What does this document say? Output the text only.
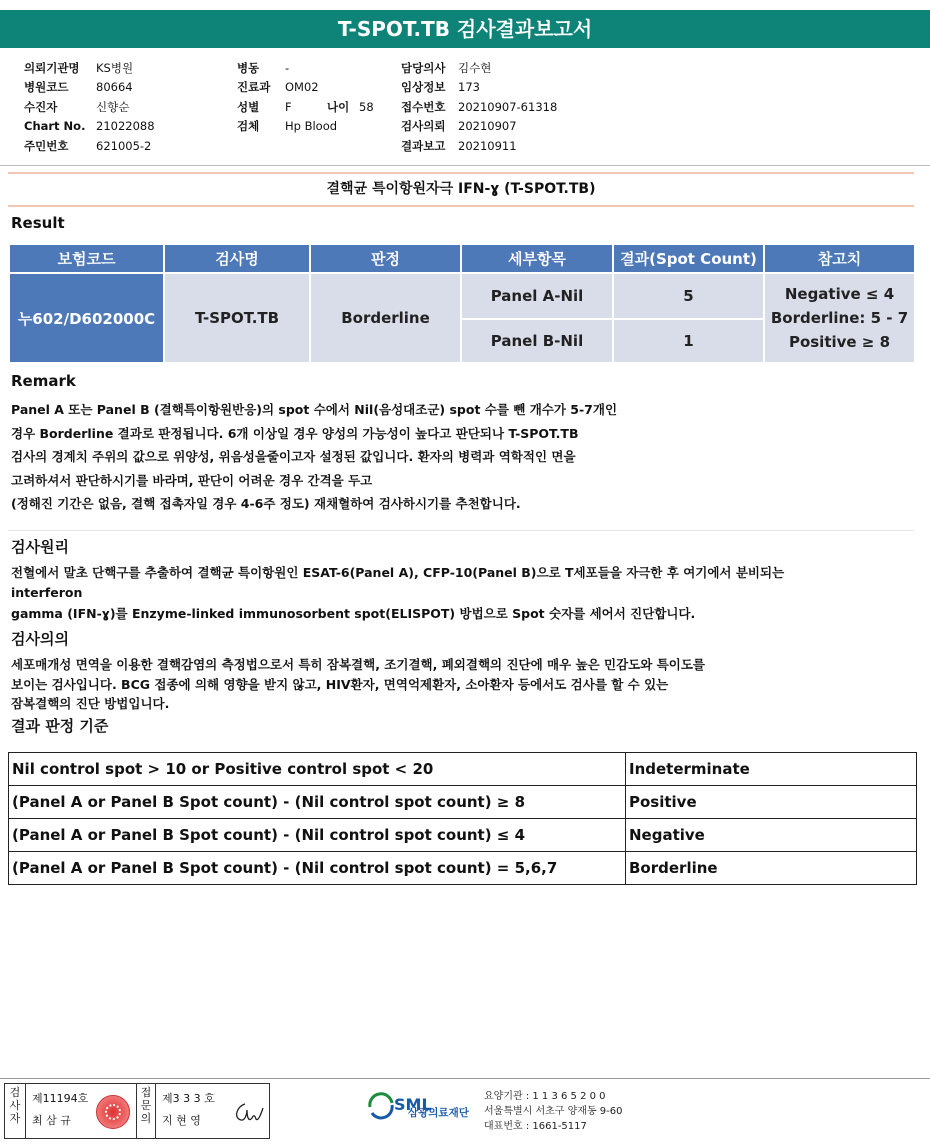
T-SPOT.TB 검사결과보고서
의뢰기관명	KS병원
병원코드	80664
수진자	신향순
Chart No. 21022088
주민번호	621005-2
병동	-
진료과	OM02
성별	F	나이 58
검체	Hp Blood
담당의사	김수현
임상정보	173
접수번호	20210907-61318
검사의뢰	20210907
결과보고	20210911
결핵균 특이항원자극 IFN-ɣ (T-SPOT.TB)
Result
보험코드	검사명	판정	세부항목	결과(Spot Count)	참고치
누602/D602000C	T-SPOT.TB	Borderline	Panel A-Nil	5	Negative ≤ 4
Borderline: 5 - 7
Positive ≥ 8

			Panel B-Nil	1	
Remark
Panel A 또는 Panel B (결핵특이항원반응)의 spot 수에서 Nil(음성대조군) spot 수를 뺀 개수가 5-7개인
경우 Borderline 결과로 판정됩니다. 6개 이상일 경우 양성의 가능성이 높다고 판단되나 T-SPOT.TB
검사의 경계치 주위의 값으로 위양성, 위음성을줄이고자 설정된 값입니다. 환자의 병력과 역학적인 면을
고려하셔서 판단하시기를 바라며, 판단이 어려운 경우 간격을 두고
(정해진 기간은 없음, 결핵 접촉자일 경우 4-6주 정도) 재채혈하여 검사하시기를 추천합니다.
검사원리
전혈에서 말초 단핵구를 추출하여 결핵균 특이항원인 ESAT-6(Panel A), CFP-10(Panel B)으로 T세포들을 자극한 후 여기에서 분비되는
interferon
gamma (IFN-ɣ)를 Enzyme-linked immunosorbent spot(ELISPOT) 방법으로 Spot 숫자를 세어서 진단합니다.
검사의의
세포매개성 면역을 이용한 결핵감염의 측정법으로서 특히 잠복결핵, 조기결핵, 폐외결핵의 진단에 매우 높은 민감도와 특이도를
보이는 검사입니다. BCG 접종에 의해 영향을 받지 않고, HIV환자, 면역억제환자, 소아환자 등에서도 검사를 할 수 있는
잠복결핵의 진단 방법입니다.
결과 판정 기준
Nil control spot > 10 or Positive control spot < 20	Indeterminate
(Panel A or Panel B Spot count) - (Nil control spot count) ≥ 8	Positive
(Panel A or Panel B Spot count) - (Nil control spot count) ≤ 4	Negative
(Panel A or Panel B Spot count) - (Nil control spot count) = 5,6,7	Borderline
검사자
제11194호
최 삼 규
접문의
제3 3 3 호
지 현 영
SML
삼광의료재단
요양기관 : 1 1 3 6 5 2 0 0
서울특별시 서초구 양재동 9-60
대표번호 : 1661-5117
